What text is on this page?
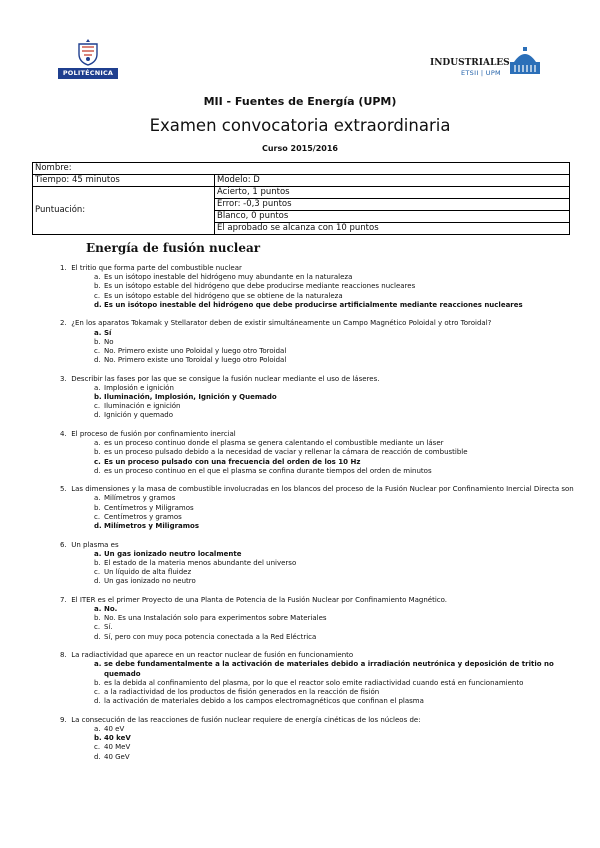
POLITÉCNICA
INDUSTRIALES
ETSII | UPM
MII - Fuentes de Energía (UPM)
Examen convocatoria extraordinaria
Curso 2015/2016
Nombre:	
Tiempo: 45 minutos	Modelo: D
Puntuación:	Acierto, 1 puntos
	Error: -0,3 puntos
	Blanco, 0 puntos
	El aprobado se alcanza con 10 puntos
Energía de fusión nuclear
1. El tritio que forma parte del combustible nuclear
a. Es un isótopo inestable del hidrógeno muy abundante en la naturaleza
b. Es un isótopo estable del hidrógeno que debe producirse mediante reacciones nucleares
c. Es un isótopo estable del hidrógeno que se obtiene de la naturaleza
d. Es un isótopo inestable del hidrógeno que debe producirse artificialmente mediante reacciones nucleares
2. ¿En los aparatos Tokamak y Stellarator deben de existir simultáneamente un Campo Magnético Poloidal y otro Toroidal?
a. Sí
b. No
c. No. Primero existe uno Poloidal y luego otro Toroidal
d. No. Primero existe uno Toroidal y luego otro Poloidal
3. Describir las fases por las que se consigue la fusión nuclear mediante el uso de láseres.
a. Implosión e ignición
b. Iluminación, Implosión, Ignición y Quemado
c. Iluminación e ignición
d. Ignición y quemado
4. El proceso de fusión por confinamiento inercial
a. es un proceso continuo donde el plasma se genera calentando el combustible mediante un láser
b. es un proceso pulsado debido a la necesidad de vaciar y rellenar la cámara de reacción de combustible
c. Es un proceso pulsado con una frecuencia del orden de los 10 Hz
d. es un proceso continuo en el que el plasma se confina durante tiempos del orden de minutos
5. Las dimensiones y la masa de combustible involucradas en los blancos del proceso de la Fusión Nuclear por Confinamiento Inercial Directa son
a. Milímetros y gramos
b. Centímetros y Miligramos
c. Centímetros y gramos
d. Milímetros y Miligramos
6. Un plasma es
a. Un gas ionizado neutro localmente
b. El estado de la materia menos abundante del universo
c. Un líquido de alta fluidez
d. Un gas ionizado no neutro
7. El ITER es el primer Proyecto de una Planta de Potencia de la Fusión Nuclear por Confinamiento Magnético.
a. No.
b. No. Es una Instalación solo para experimentos sobre Materiales
c. Sí.
d. Sí, pero con muy poca potencia conectada a la Red Eléctrica
8. La radiactividad que aparece en un reactor nuclear de fusión en funcionamiento
a. se debe fundamentalmente a la activación de materiales debido a irradiación neutrónica y deposición de tritio no quemado
b. es la debida al confinamiento del plasma, por lo que el reactor solo emite radiactividad cuando está en funcionamiento
c. a la radiactividad de los productos de fisión generados en la reacción de fisión
d. la activación de materiales debido a los campos electromagnéticos que confinan el plasma
9. La consecución de las reacciones de fusión nuclear requiere de energía cinéticas de los núcleos de:
a. 40 eV
b. 40 keV
c. 40 MeV
d. 40 GeV
